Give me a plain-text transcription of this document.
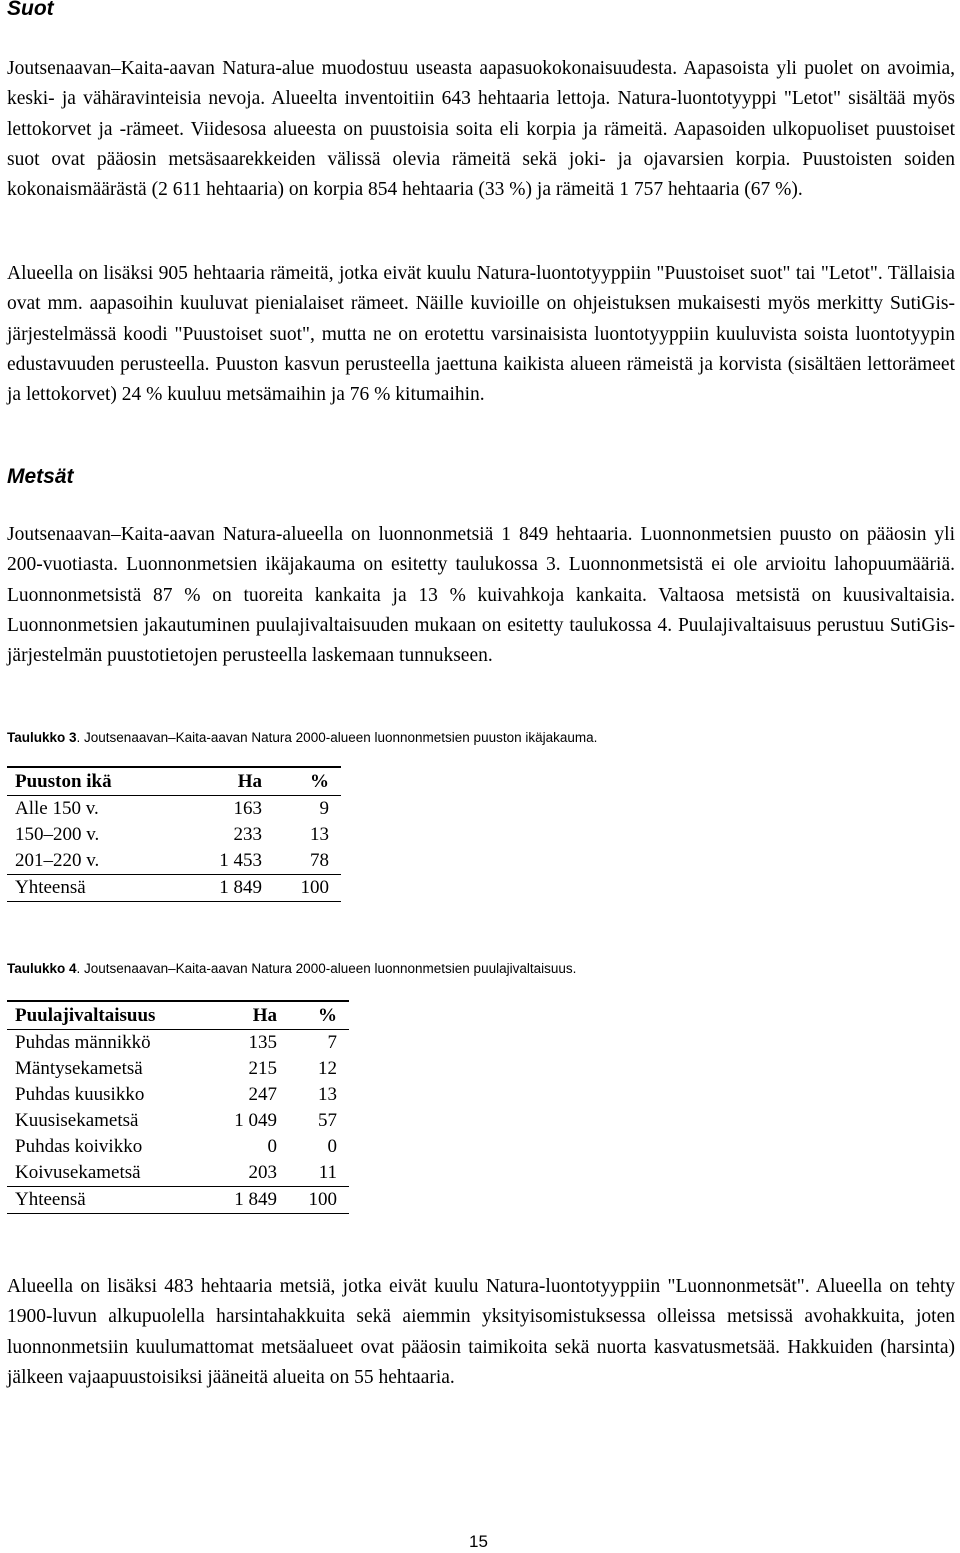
Suot

Joutsenaavan–Kaita-aavan Natura-alue muodostuu useasta aapasuokokonaisuudesta. Aapasoista yli puolet on avoimia, keski- ja vähäravinteisia nevoja. Alueelta inventoitiin 643 hehtaaria lettoja. Natura-luontotyyppi "Letot" sisältää myös lettokorvet ja -rämeet. Viidesosa alueesta on puustoisia soita eli korpia ja rämeitä. Aapasoiden ulkopuoliset puustoiset suot ovat pääosin metsäsaarekkeiden välissä olevia rämeitä sekä joki- ja ojavarsien korpia. Puustoisten soiden kokonaismäärästä (2 611 hehtaaria) on korpia 854 hehtaaria (33 %) ja rämeitä 1 757 hehtaaria (67 %).

Alueella on lisäksi 905 hehtaaria rämeitä, jotka eivät kuulu Natura-luontotyyppiin "Puustoiset suot" tai "Letot". Tällaisia ovat mm. aapasoihin kuuluvat pienialaiset rämeet. Näille kuvioille on ohjeistuksen mukaisesti myös merkitty SutiGis-järjestelmässä koodi "Puustoiset suot", mutta ne on erotettu varsinaisista luontotyyppiin kuuluvista soista luontotyypin edustavuuden perusteella. Puuston kasvun perusteella jaettuna kaikista alueen rämeistä ja korvista (sisältäen lettorämeet ja lettokorvet) 24 % kuuluu metsämaihin ja 76 % kitumaihin.

Metsät

Joutsenaavan–Kaita-aavan Natura-alueella on luonnonmetsiä 1 849 hehtaaria. Luonnonmetsien puusto on pääosin yli 200-vuotiasta. Luonnonmetsien ikäjakauma on esitetty taulukossa 3. Luonnonmetsistä ei ole arvioitu lahopuumääriä. Luonnonmetsistä 87 % on tuoreita kankaita ja 13 % kuivahkoja kankaita. Valtaosa metsistä on kuusivaltaisia. Luonnonmetsien jakautuminen puulajivaltaisuuden mukaan on esitetty taulukossa 4. Puulajivaltaisuus perustuu SutiGis-järjestelmän puustotietojen perusteella laskemaan tunnukseen.

Taulukko 3. Joutsenaavan–Kaita-aavan Natura 2000-alueen luonnonmetsien puuston ikäjakauma.

Puuston ikä	Ha	%
Alle 150 v.	163	9
150–200 v.	233	13
201–220 v.	1 453	78
Yhteensä	1 849	100

Taulukko 4. Joutsenaavan–Kaita-aavan Natura 2000-alueen luonnonmetsien puulajivaltaisuus.

Puulajivaltaisuus	Ha	%
Puhdas männikkö	135	7
Mäntysekametsä	215	12
Puhdas kuusikko	247	13
Kuusisekametsä	1 049	57
Puhdas koivikko	0	0
Koivusekametsä	203	11
Yhteensä	1 849	100

Alueella on lisäksi 483 hehtaaria metsiä, jotka eivät kuulu Natura-luontotyyppiin "Luonnonmetsät". Alueella on tehty 1900-luvun alkupuolella harsintahakkuita sekä aiemmin yksityisomistuksessa olleissa metsissä avohakkuita, joten luonnonmetsiin kuulumattomat metsäalueet ovat pääosin taimikoita sekä nuorta kasvatusmetsää. Hakkuiden (harsinta) jälkeen vajaapuustoisiksi jääneitä alueita on 55 hehtaaria.

15
